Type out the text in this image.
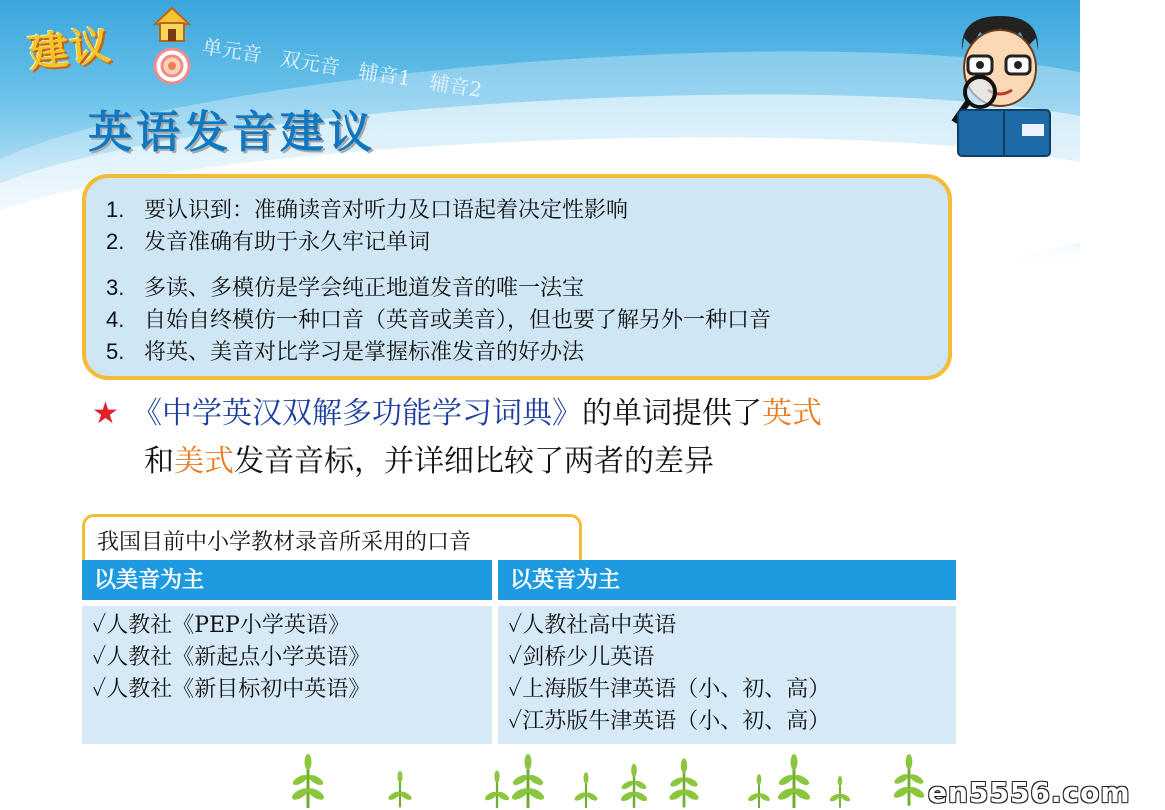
建议	单元音 双元音 辅音1 辅音2
英语发音建议
1. 要认识到：准确读音对听力及口语起着决定性影响
2. 发音准确有助于永久牢记单词
3. 多读、多模仿是学会纯正地道发音的唯一法宝
4. 自始自终模仿一种口音（英音或美音），但也要了解另外一种口音
5. 将英、美音对比学习是掌握标准发音的好办法
★ 《中学英汉双解多功能学习词典》的单词提供了英式
和美式发音音标，并详细比较了两者的差异
我国目前中小学教材录音所采用的口音
以美音为主	以英音为主
✓人教社《PEP小学英语》
✓人教社《新起点小学英语》
✓人教社《新目标初中英语》
✓人教社高中英语
✓剑桥少儿英语
✓上海版牛津英语（小、初、高）
✓江苏版牛津英语（小、初、高）
en5556.com
